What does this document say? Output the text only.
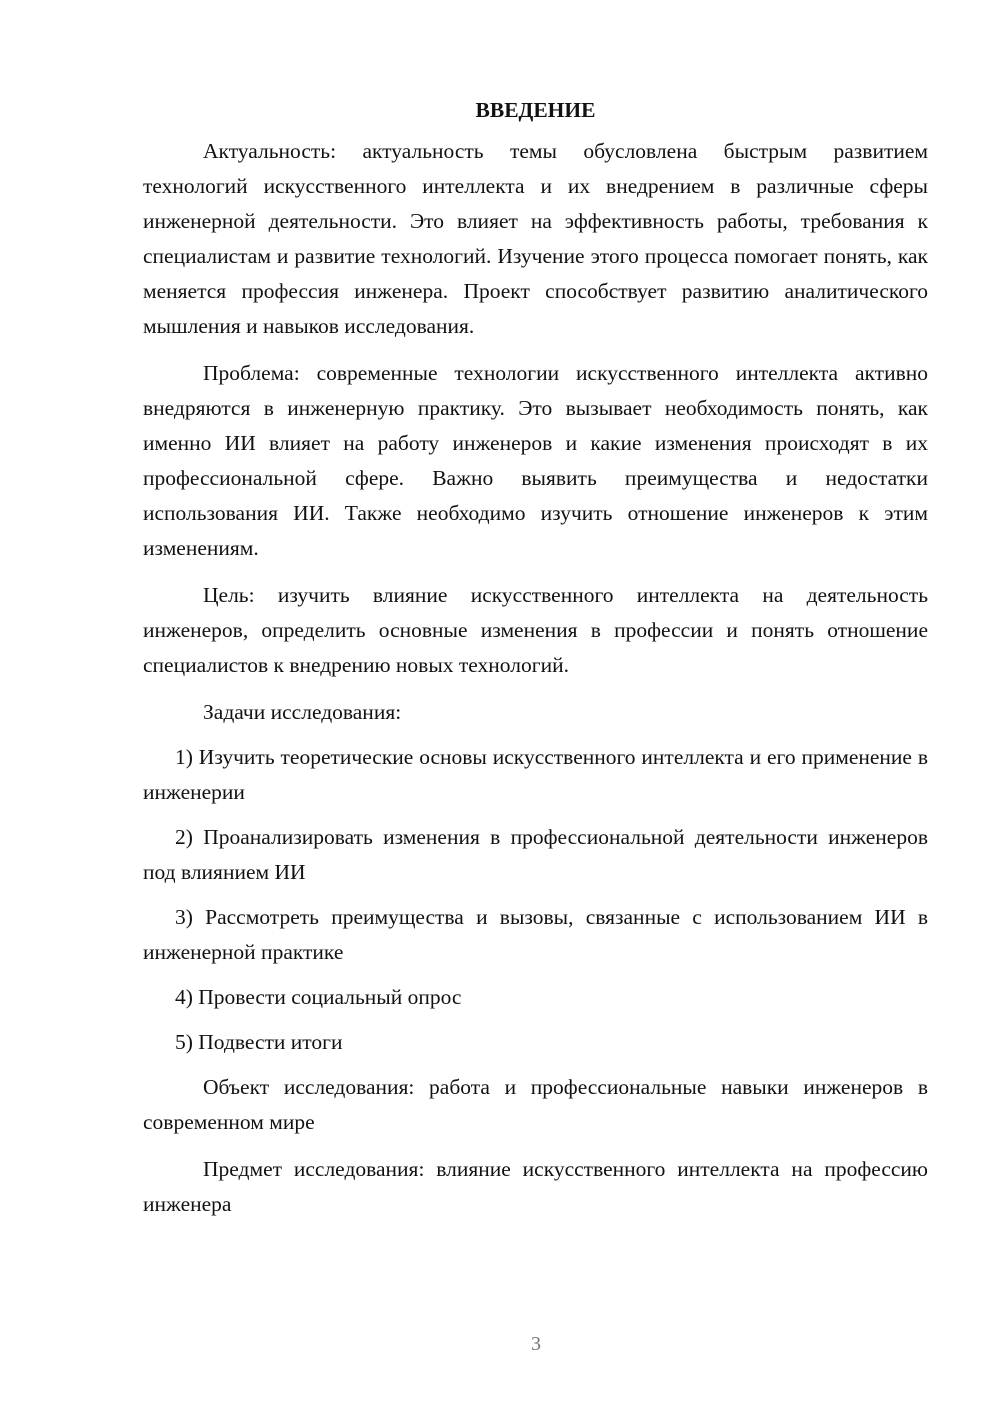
ВВЕДЕНИЕ

Актуальность: актуальность темы обусловлена быстрым развитием технологий искусственного интеллекта и их внедрением в различные сферы инженерной деятельности. Это влияет на эффективность работы, требования к специалистам и развитие технологий. Изучение этого процесса помогает понять, как меняется профессия инженера. Проект способствует развитию аналитического мышления и навыков исследования.

Проблема: современные технологии искусственного интеллекта активно внедряются в инженерную практику. Это вызывает необходимость понять, как именно ИИ влияет на работу инженеров и какие изменения происходят в их профессиональной сфере. Важно выявить преимущества и недостатки использования ИИ. Также необходимо изучить отношение инженеров к этим изменениям.

Цель: изучить влияние искусственного интеллекта на деятельность инженеров, определить основные изменения в профессии и понять отношение специалистов к внедрению новых технологий.

Задачи исследования:

1) Изучить теоретические основы искусственного интеллекта и его применение в инженерии

2) Проанализировать изменения в профессиональной деятельности инженеров под влиянием ИИ

3) Рассмотреть преимущества и вызовы, связанные с использованием ИИ в инженерной практике

4) Провести социальный опрос

5) Подвести итоги

Объект исследования: работа и профессиональные навыки инженеров в современном мире

Предмет исследования: влияние искусственного интеллекта на профессию инженера

3
